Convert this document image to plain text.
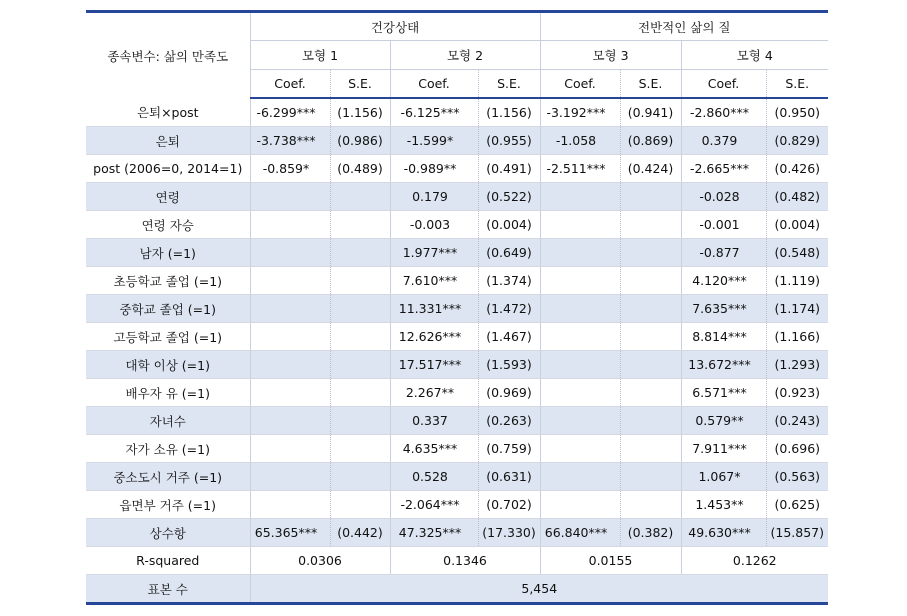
종속변수: 삶의 만족도	건강상태				전반적인 삶의 질			
	모형 1		모형 2		모형 3		모형 4	
	Coef.	S.E.	Coef.	S.E.	Coef.	S.E.	Coef.	S.E.
은퇴×post	-6.299***	(1.156)	-6.125***	(1.156)	-3.192***	(0.941)	-2.860***	(0.950)
은퇴	-3.738***	(0.986)	-1.599*	(0.955)	-1.058	(0.869)	0.379	(0.829)
post (2006=0, 2014=1)	-0.859*	(0.489)	-0.989**	(0.491)	-2.511***	(0.424)	-2.665***	(0.426)
연령			0.179	(0.522)			-0.028	(0.482)
연령 자승			-0.003	(0.004)			-0.001	(0.004)
남자 (=1)			1.977***	(0.649)			-0.877	(0.548)
초등학교 졸업 (=1)			7.610***	(1.374)			4.120***	(1.119)
중학교 졸업 (=1)			11.331***	(1.472)			7.635***	(1.174)
고등학교 졸업 (=1)			12.626***	(1.467)			8.814***	(1.166)
대학 이상 (=1)			17.517***	(1.593)			13.672***	(1.293)
배우자 유 (=1)			2.267**	(0.969)			6.571***	(0.923)
자녀수			0.337	(0.263)			0.579**	(0.243)
자가 소유 (=1)			4.635***	(0.759)			7.911***	(0.696)
중소도시 거주 (=1)			0.528	(0.631)			1.067*	(0.563)
읍면부 거주 (=1)			-2.064***	(0.702)			1.453**	(0.625)
상수항	65.365***	(0.442)	47.325***	(17.330)	66.840***	(0.382)	49.630***	(15.857)
R-squared	0.0306		0.1346		0.0155		0.1262	
표본 수	5,454							
